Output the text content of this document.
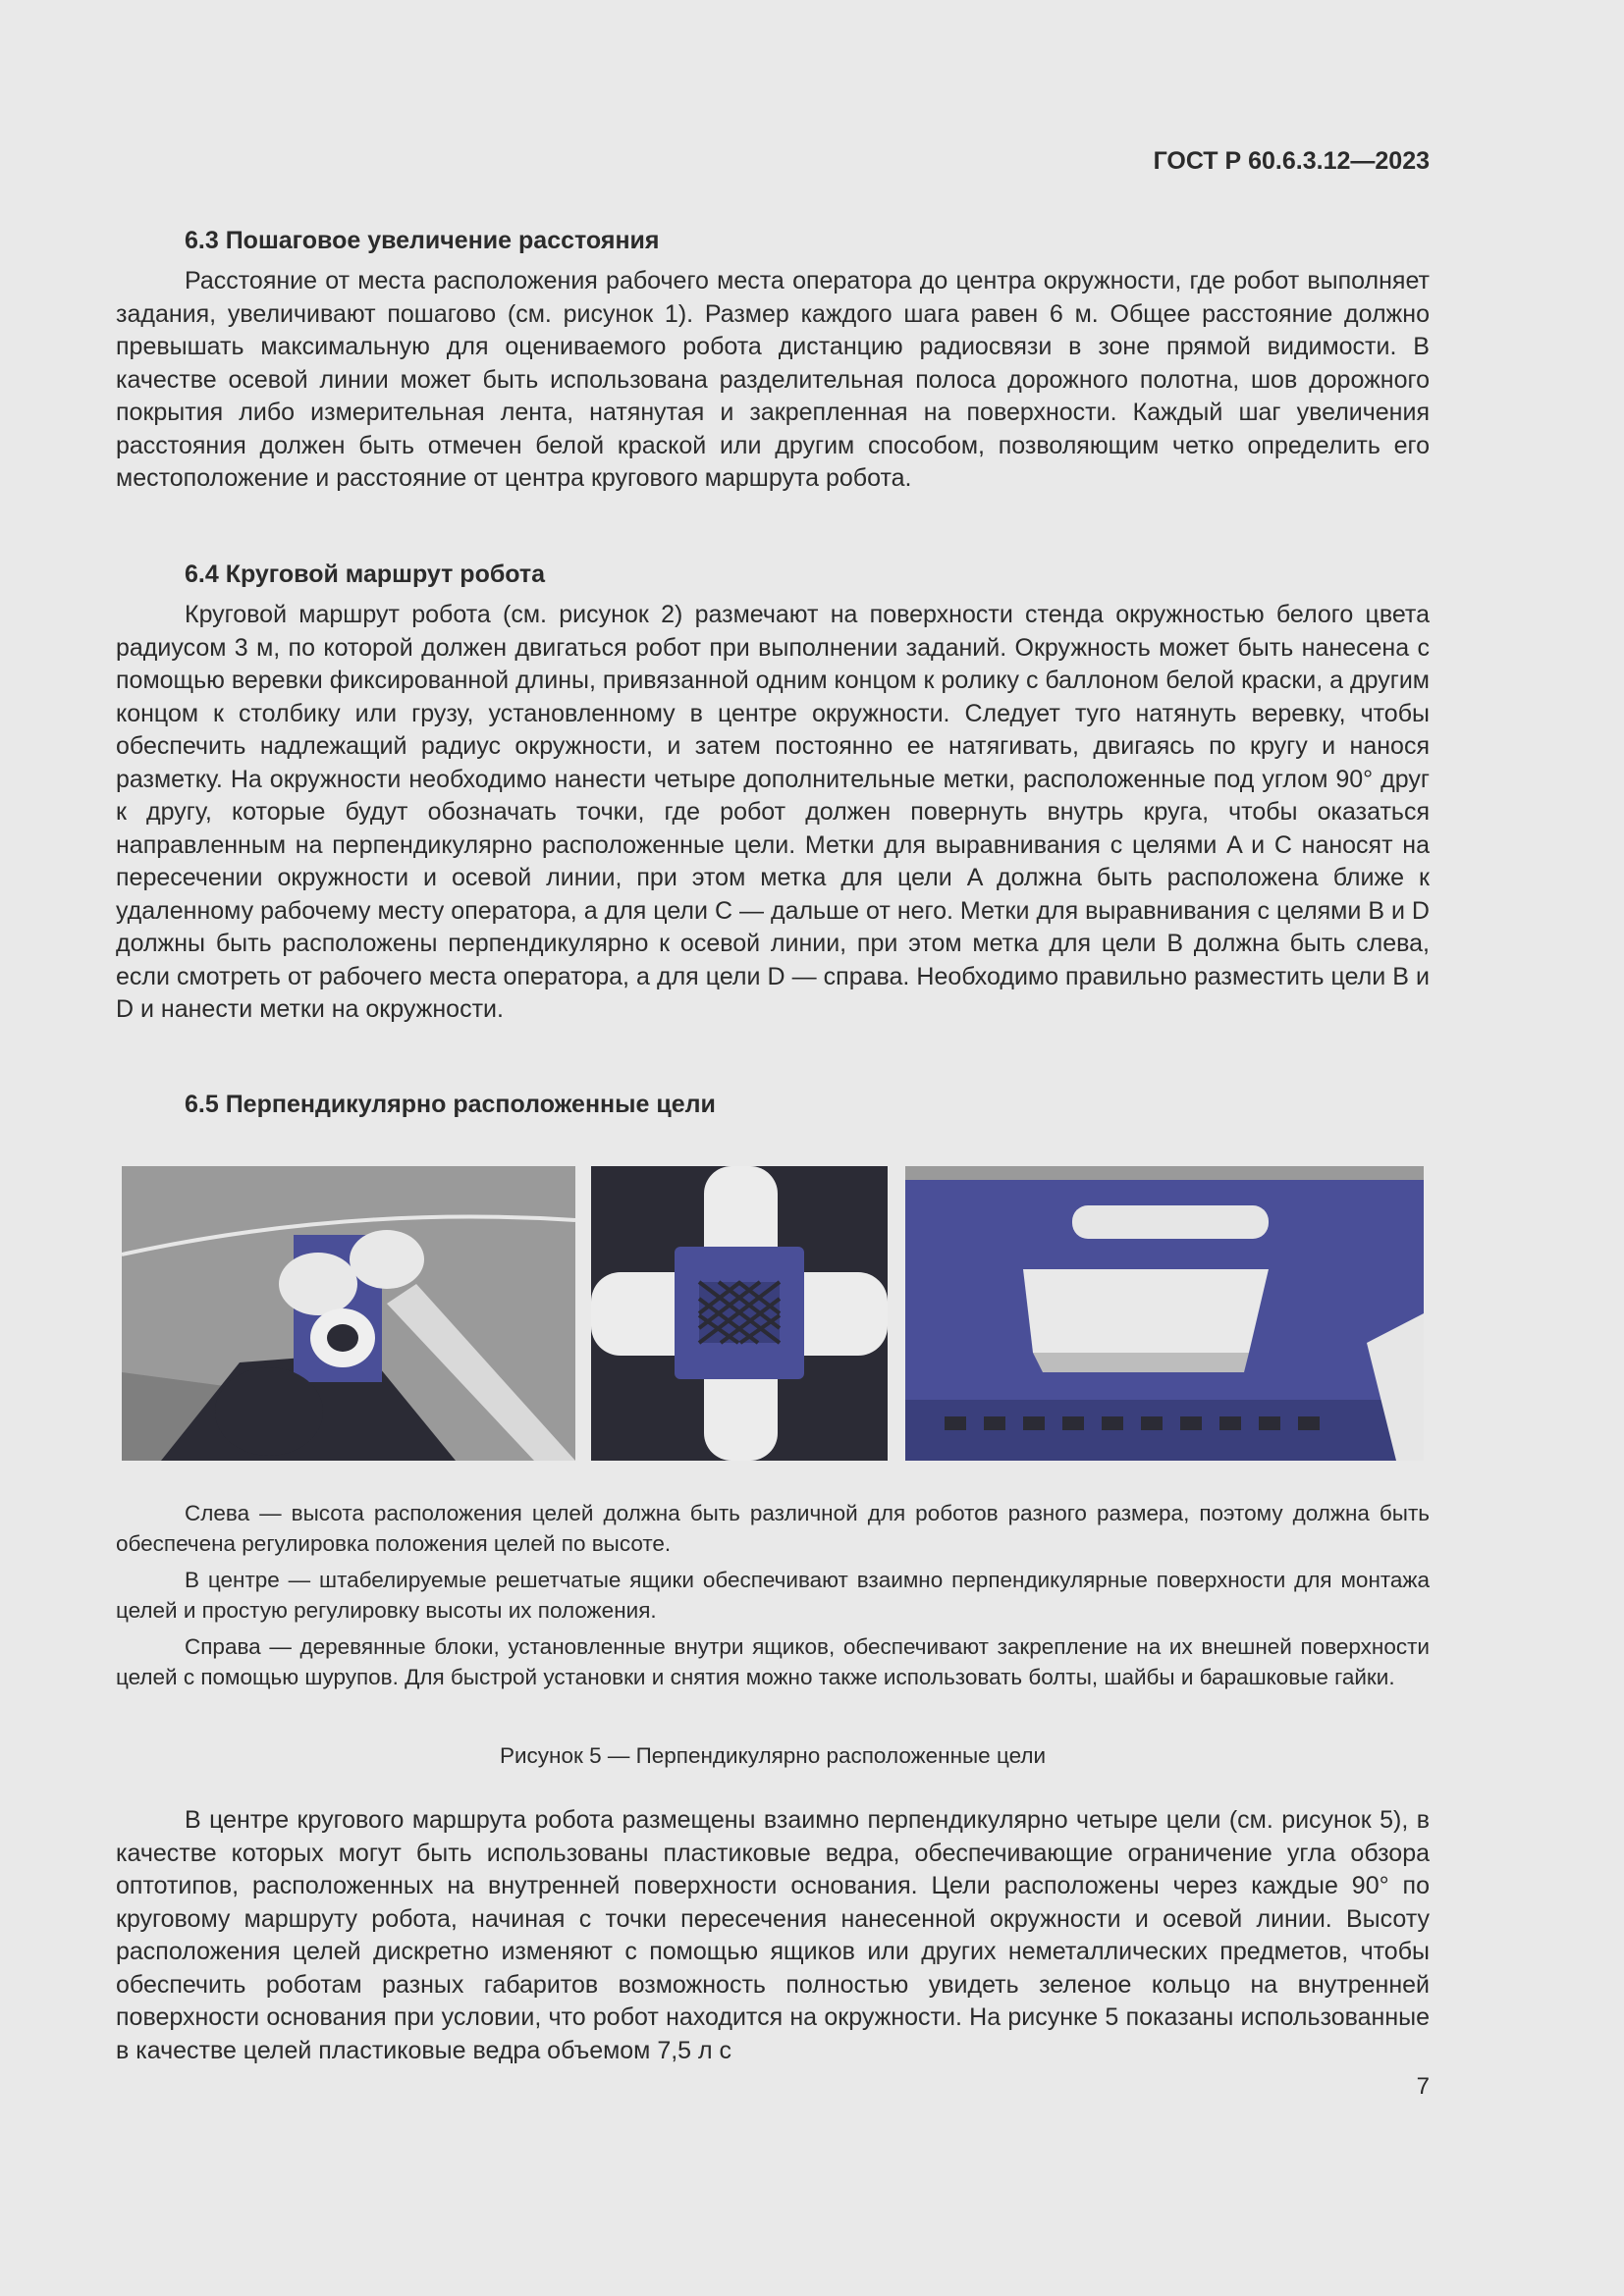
ГОСТ Р 60.6.3.12—2023
6.3 Пошаговое увеличение расстояния

Расстояние от места расположения рабочего места оператора до центра окружности, где робот выполняет задания, увеличивают пошагово (см. рисунок 1). Размер каждого шага равен 6 м. Общее расстояние должно превышать максимальную для оцениваемого робота дистанцию радиосвязи в зоне прямой видимости. В качестве осевой линии может быть использована разделительная полоса дорожного полотна, шов дорожного покрытия либо измерительная лента, натянутая и закрепленная на поверхности. Каждый шаг увеличения расстояния должен быть отмечен белой краской или другим способом, позволяющим четко определить его местоположение и расстояние от центра кругового маршрута робота.

6.4 Круговой маршрут робота

Круговой маршрут робота (см. рисунок 2) размечают на поверхности стенда окружностью белого цвета радиусом 3 м, по которой должен двигаться робот при выполнении заданий. Окружность может быть нанесена с помощью веревки фиксированной длины, привязанной одним концом к ролику с баллоном белой краски, а другим концом к столбику или грузу, установленному в центре окружности. Следует туго натянуть веревку, чтобы обеспечить надлежащий радиус окружности, и затем постоянно ее натягивать, двигаясь по кругу и нанося разметку. На окружности необходимо нанести четыре дополнительные метки, расположенные под углом 90° друг к другу, которые будут обозначать точки, где робот должен повернуть внутрь круга, чтобы оказаться направленным на перпендикулярно расположенные цели. Метки для выравнивания с целями A и C наносят на пересечении окружности и осевой линии, при этом метка для цели A должна быть расположена ближе к удаленному рабочему месту оператора, а для цели C — дальше от него. Метки для выравнивания с целями B и D должны быть расположены перпендикулярно к осевой линии, при этом метка для цели B должна быть слева, если смотреть от рабочего места оператора, а для цели D — справа. Необходимо правильно разместить цели B и D и нанести метки на окружности.

6.5 Перпендикулярно расположенные цели

Слева — высота расположения целей должна быть различной для роботов разного размера, поэтому должна быть обеспечена регулировка положения целей по высоте.

В центре — штабелируемые решетчатые ящики обеспечивают взаимно перпендикулярные поверхности для монтажа целей и простую регулировку высоты их положения.

Справа — деревянные блоки, установленные внутри ящиков, обеспечивают закрепление на их внешней поверхности целей с помощью шурупов. Для быстрой установки и снятия можно также использовать болты, шайбы и барашковые гайки.

Рисунок 5 — Перпендикулярно расположенные цели

В центре кругового маршрута робота размещены взаимно перпендикулярно четыре цели (см. рисунок 5), в качестве которых могут быть использованы пластиковые ведра, обеспечивающие ограничение угла обзора оптотипов, расположенных на внутренней поверхности основания. Цели расположены через каждые 90° по круговому маршруту робота, начиная с точки пересечения нанесенной окружности и осевой линии. Высоту расположения целей дискретно изменяют с помощью ящиков или других неметаллических предметов, чтобы обеспечить роботам разных габаритов возможность полностью увидеть зеленое кольцо на внутренней поверхности основания при условии, что робот находится на окружности. На рисунке 5 показаны использованные в качестве целей пластиковые ведра объемом 7,5 л с

7
